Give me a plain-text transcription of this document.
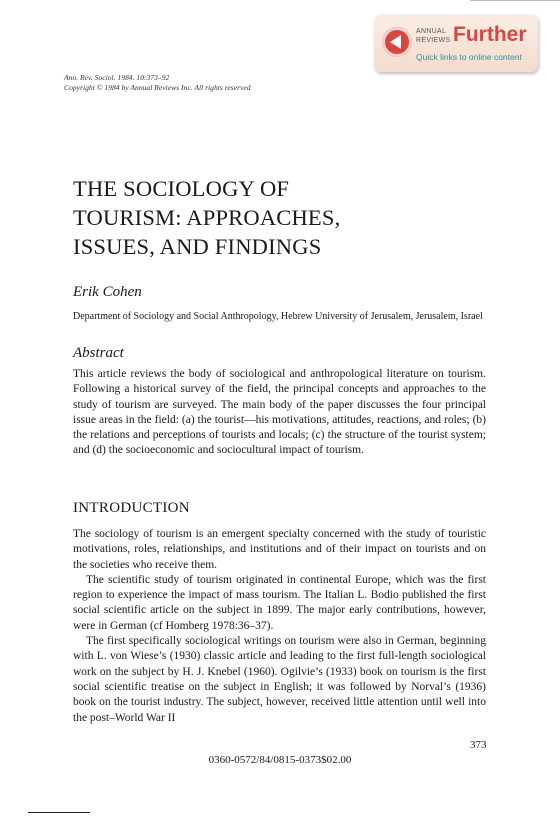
ANNUAL
REVIEWS Further
Quick links to online content
Ann. Rev. Sociol. 1984. 10:373–92
Copyright © 1984 by Annual Reviews Inc. All rights reserved
THE SOCIOLOGY OF
TOURISM: APPROACHES,
ISSUES, AND FINDINGS
Erik Cohen
Department of Sociology and Social Anthropology, Hebrew University of Jerusalem, Jerusalem, Israel
Abstract
This article reviews the body of sociological and anthropological literature on tourism. Following a historical survey of the field, the principal concepts and approaches to the study of tourism are surveyed. The main body of the paper discusses the four principal issue areas in the field: (a) the tourist—his motivations, attitudes, reactions, and roles; (b) the relations and perceptions of tourists and locals; (c) the structure of the tourist system; and (d) the socioeconomic and sociocultural impact of tourism.
INTRODUCTION

The sociology of tourism is an emergent specialty concerned with the study of touristic motivations, roles, relationships, and institutions and of their impact on tourists and on the societies who receive them.

The scientific study of tourism originated in continental Europe, which was the first region to experience the impact of mass tourism. The Italian L. Bodio published the first social scientific article on the subject in 1899. The major early contributions, however, were in German (cf Homberg 1978:36–37).

The first specifically sociological writings on tourism were also in German, beginning with L. von Wiese’s (1930) classic article and leading to the first full-length sociological work on the subject by H. J. Knebel (1960). Ogilvie’s (1933) book on tourism is the first social scientific treatise on the subject in English; it was followed by Norval’s (1936) book on the tourist industry. The subject, however, received little attention until well into the post–World War II

373
0360-0572/84/0815-0373$02.00
